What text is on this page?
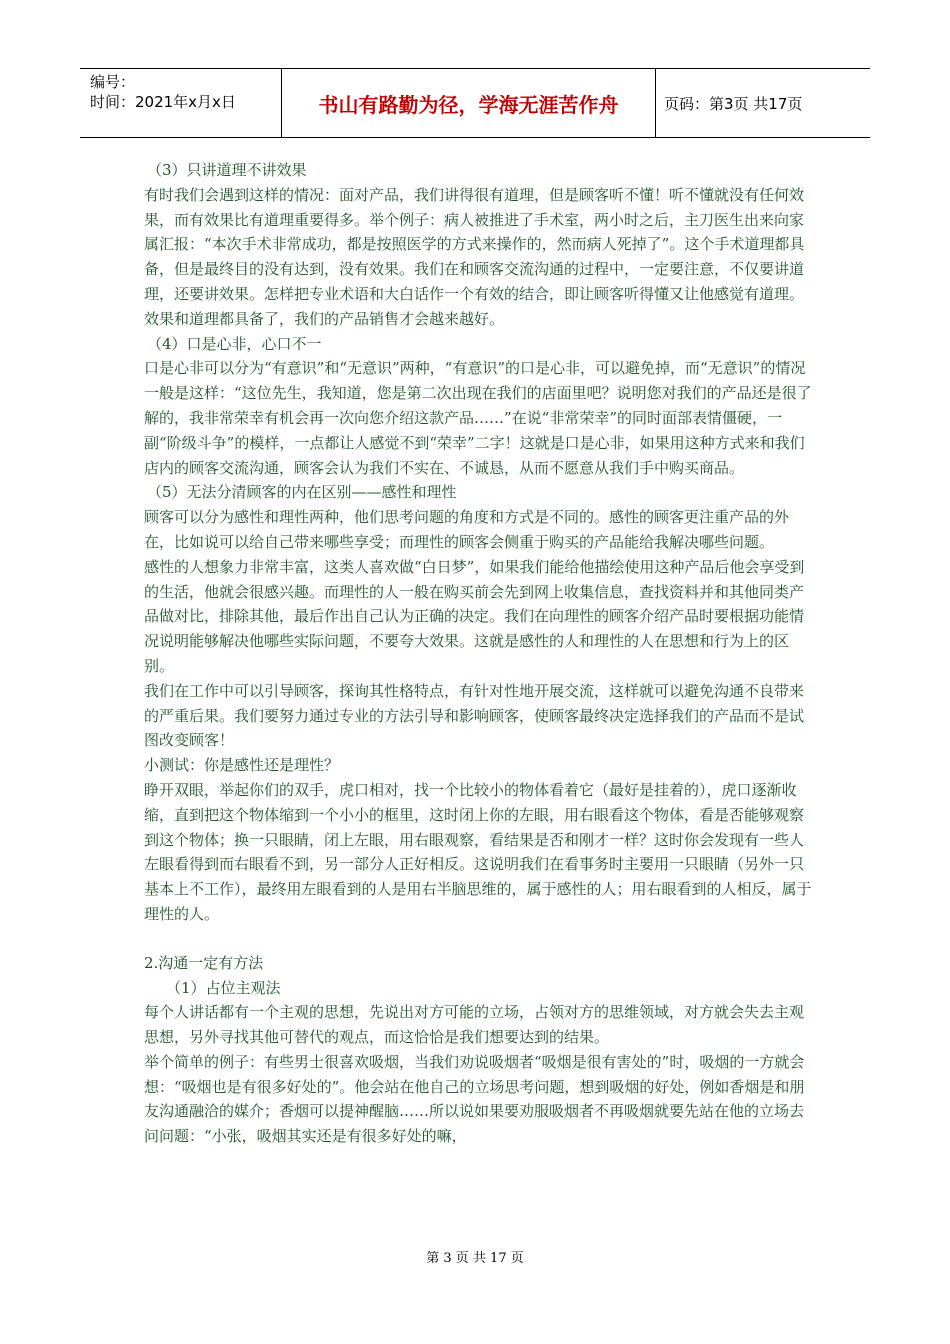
编号：
时间：2021年x月x日	书山有路勤为径，学海无涯苦作舟	页码：第3页 共17页

（3）只讲道理不讲效果

有时我们会遇到这样的情况：面对产品，我们讲得很有道理，但是顾客听不懂！听不懂就没有任何效果，而有效果比有道理重要得多。举个例子：病人被推进了手术室，两小时之后，主刀医生出来向家属汇报：“本次手术非常成功，都是按照医学的方式来操作的，然而病人死掉了”。这个手术道理都具备，但是最终目的没有达到，没有效果。我们在和顾客交流沟通的过程中，一定要注意，不仅要讲道理，还要讲效果。怎样把专业术语和大白话作一个有效的结合，即让顾客听得懂又让他感觉有道理。效果和道理都具备了，我们的产品销售才会越来越好。

（4）口是心非，心口不一

口是心非可以分为“有意识”和“无意识”两种，“有意识”的口是心非，可以避免掉，而“无意识”的情况一般是这样：“这位先生，我知道，您是第二次出现在我们的店面里吧？说明您对我们的产品还是很了解的，我非常荣幸有机会再一次向您介绍这款产品……”在说“非常荣幸”的同时面部表情僵硬，一副“阶级斗争”的模样，一点都让人感觉不到“荣幸”二字！这就是口是心非，如果用这种方式来和我们店内的顾客交流沟通，顾客会认为我们不实在、不诚恳，从而不愿意从我们手中购买商品。

（5）无法分清顾客的内在区别——感性和理性

顾客可以分为感性和理性两种，他们思考问题的角度和方式是不同的。感性的顾客更注重产品的外在，比如说可以给自己带来哪些享受；而理性的顾客会侧重于购买的产品能给我解决哪些问题。

感性的人想象力非常丰富，这类人喜欢做“白日梦”，如果我们能给他描绘使用这种产品后他会享受到的生活，他就会很感兴趣。而理性的人一般在购买前会先到网上收集信息，查找资料并和其他同类产品做对比，排除其他，最后作出自己认为正确的决定。我们在向理性的顾客介绍产品时要根据功能情况说明能够解决他哪些实际问题，不要夸大效果。这就是感性的人和理性的人在思想和行为上的区别。

我们在工作中可以引导顾客，探询其性格特点，有针对性地开展交流，这样就可以避免沟通不良带来的严重后果。我们要努力通过专业的方法引导和影响顾客，使顾客最终决定选择我们的产品而不是试图改变顾客！

小测试：你是感性还是理性？

睁开双眼，举起你们的双手，虎口相对，找一个比较小的物体看着它（最好是挂着的），虎口逐渐收缩，直到把这个物体缩到一个小小的框里，这时闭上你的左眼，用右眼看这个物体，看是否能够观察到这个物体；换一只眼睛，闭上左眼，用右眼观察，看结果是否和刚才一样？这时你会发现有一些人左眼看得到而右眼看不到，另一部分人正好相反。这说明我们在看事务时主要用一只眼睛（另外一只基本上不工作），最终用左眼看到的人是用右半脑思维的，属于感性的人；用右眼看到的人相反，属于理性的人。

2.沟通一定有方法

（1）占位主观法

每个人讲话都有一个主观的思想，先说出对方可能的立场，占领对方的思维领域，对方就会失去主观思想，另外寻找其他可替代的观点，而这恰恰是我们想要达到的结果。

举个简单的例子：有些男士很喜欢吸烟，当我们劝说吸烟者“吸烟是很有害处的”时，吸烟的一方就会想：“吸烟也是有很多好处的”。他会站在他自己的立场思考问题，想到吸烟的好处，例如香烟是和朋友沟通融洽的媒介；香烟可以提神醒脑……所以说如果要劝服吸烟者不再吸烟就要先站在他的立场去问问题：“小张，吸烟其实还是有很多好处的嘛，

第 3 页 共 17 页
